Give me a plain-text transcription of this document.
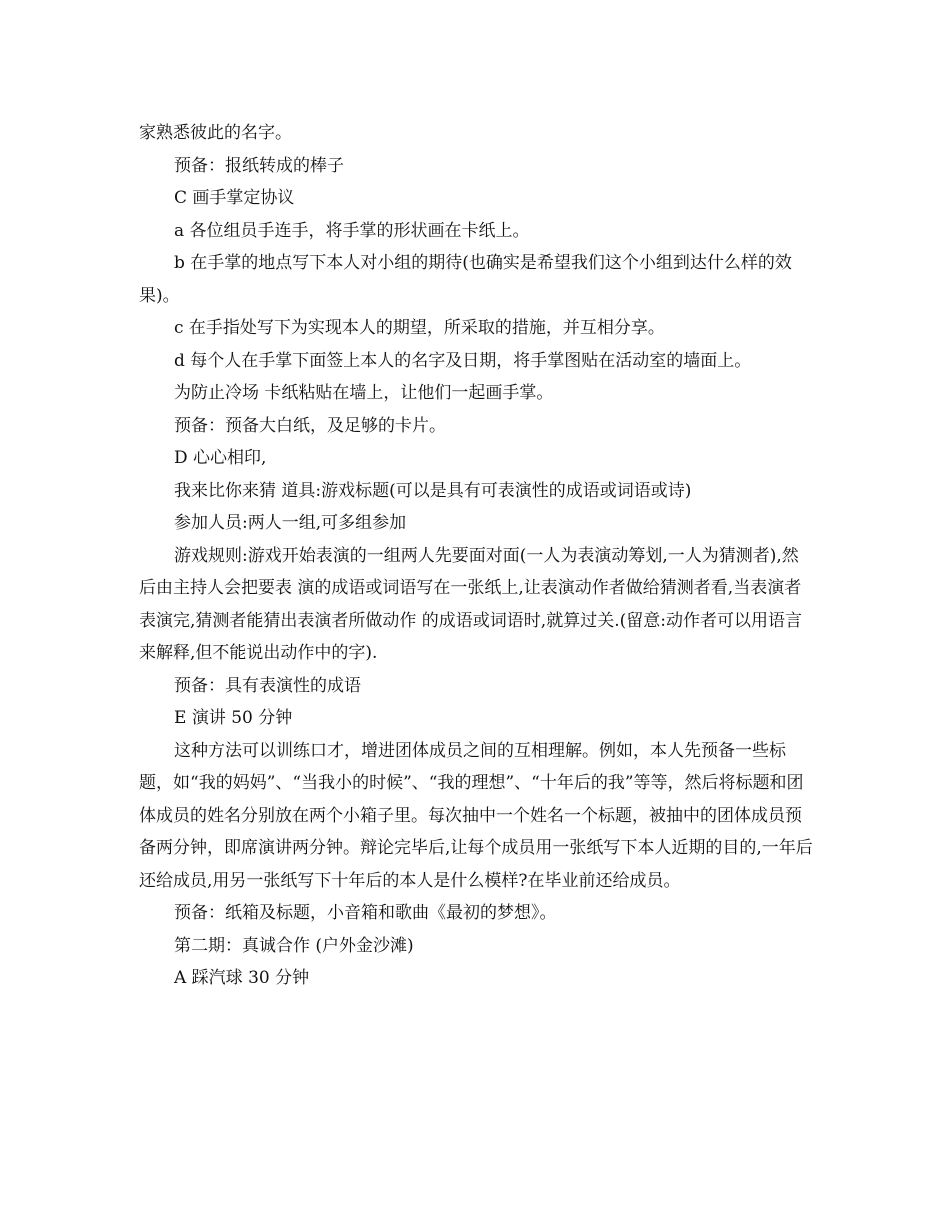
家熟悉彼此的名字。

预备：报纸转成的棒子

C 画手掌定协议

a 各位组员手连手，将手掌的形状画在卡纸上。

b 在手掌的地点写下本人对小组的期待(也确实是希望我们这个小组到达什么样的效果)。

c 在手指处写下为实现本人的期望，所采取的措施，并互相分享。

d 每个人在手掌下面签上本人的名字及日期，将手掌图贴在活动室的墙面上。

为防止冷场 卡纸粘贴在墙上，让他们一起画手掌。

预备：预备大白纸，及足够的卡片。

D 心心相印,

我来比你来猜 道具:游戏标题(可以是具有可表演性的成语或词语或诗)

参加人员:两人一组,可多组参加

游戏规则:游戏开始表演的一组两人先要面对面(一人为表演动筹划,一人为猜测者),然后由主持人会把要表 演的成语或词语写在一张纸上,让表演动作者做给猜测者看,当表演者表演完,猜测者能猜出表演者所做动作 的成语或词语时,就算过关.(留意:动作者可以用语言来解释,但不能说出动作中的字).

预备：具有表演性的成语

E 演讲 50 分钟

这种方法可以训练口才，增进团体成员之间的互相理解。例如，本人先预备一些标题，如“我的妈妈”、“当我小的时候”、“我的理想”、“十年后的我”等等，然后将标题和团体成员的姓名分别放在两个小箱子里。每次抽中一个姓名一个标题，被抽中的团体成员预备两分钟，即席演讲两分钟。辩论完毕后,让每个成员用一张纸写下本人近期的目的,一年后还给成员,用另一张纸写下十年后的本人是什么模样?在毕业前还给成员。

预备：纸箱及标题，小音箱和歌曲《最初的梦想》。

第二期：真诚合作 (户外金沙滩)

A 踩汽球 30 分钟
